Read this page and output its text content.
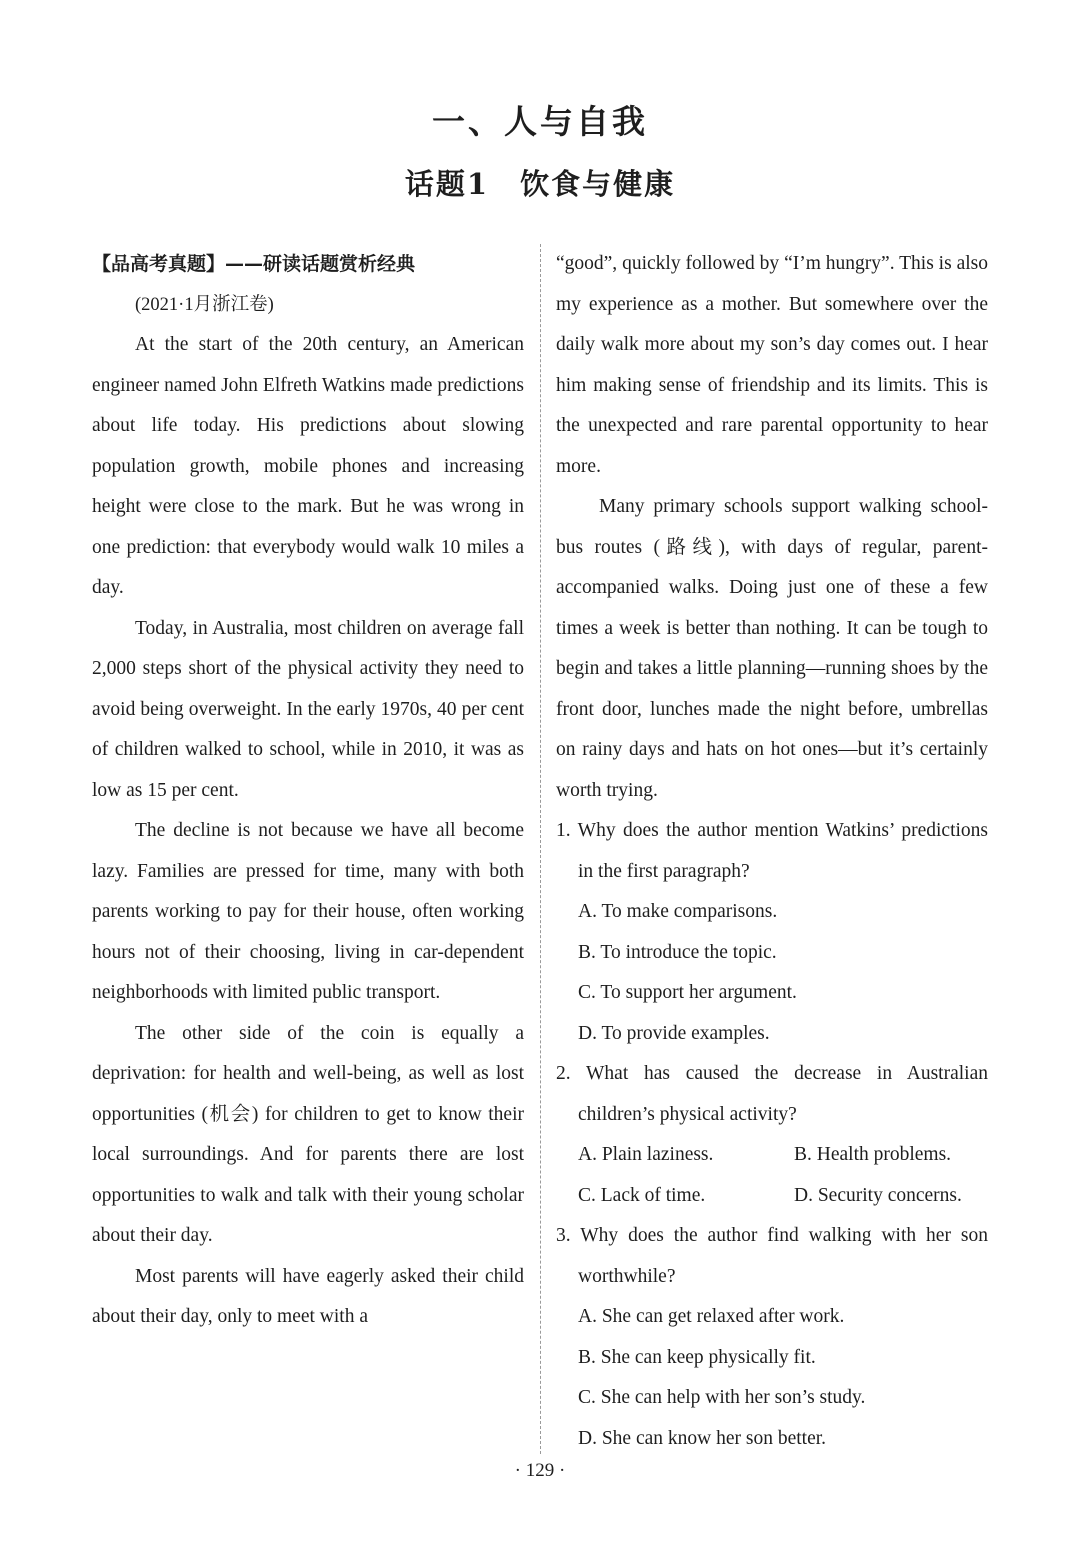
一、人与自我
话题1　饮食与健康

【品高考真题】——研读话题赏析经典

(2021·1月浙江卷)

At the start of the 20th century, an American engineer named John Elfreth Watkins made predictions about life today. His predictions about slowing population growth, mobile phones and increasing height were close to the mark. But he was wrong in one prediction: that everybody would walk 10 miles a day.

Today, in Australia, most children on average fall 2,000 steps short of the physical activity they need to avoid being overweight. In the early 1970s, 40 per cent of children walked to school, while in 2010, it was as low as 15 per cent.

The decline is not because we have all become lazy. Families are pressed for time, many with both parents working to pay for their house, often working hours not of their choosing, living in car-dependent neighborhoods with limited public transport.

The other side of the coin is equally a deprivation: for health and well-being, as well as lost opportunities (机会) for children to get to know their local surroundings. And for parents there are lost opportunities to walk and talk with their young scholar about their day.

Most parents will have eagerly asked their child about their day, only to meet with a

“good”, quickly followed by “I’m hungry”. This is also my experience as a mother. But somewhere over the daily walk more about my son’s day comes out. I hear him making sense of friendship and its limits. This is the unexpected and rare parental opportunity to hear more.

Many primary schools support walking school-bus routes (路线), with days of regular, parent-accompanied walks. Doing just one of these a few times a week is better than nothing. It can be tough to begin and takes a little planning—running shoes by the front door, lunches made the night before, umbrellas on rainy days and hats on hot ones—but it’s certainly worth trying.

1. Why does the author mention Watkins’ predictions in the first paragraph?

A. To make comparisons.

B. To introduce the topic.

C. To support her argument.

D. To provide examples.

2. What has caused the decrease in Australian children’s physical activity?

A. Plain laziness.	B. Health problems.

C. Lack of time.	D. Security concerns.

3. Why does the author find walking with her son worthwhile?

A. She can get relaxed after work.

B. She can keep physically fit.

C. She can help with her son’s study.

D. She can know her son better.

· 129 ·
